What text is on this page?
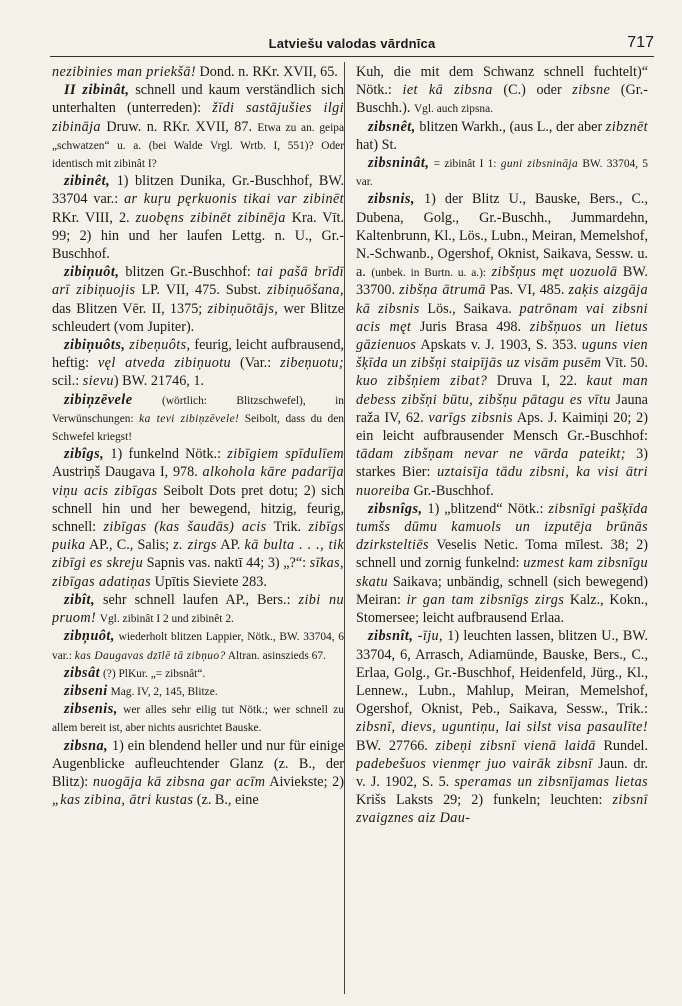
Latviešu valodas vārdnīca	717

nezibinies man priekšā! Dond. n. RKr. XVII, 65.

II zibinât, schnell und kaum verständlich sich unterhalten (unterreden): žīdi sastājušies ilgi zibināja Druw. n. RKr. XVII, 87. Etwa zu an. geipa „schwatzen“ u. a. (bei Walde Vrgl. Wrtb. I, 551)? Oder identisch mit zibinât I?

zibinêt, 1) blitzen Dunika, Gr.-Buschhof, BW. 33704 var.: ar kuŗu pęrkuonis tikai var zibinēt RKr. VIII, 2. zuobęns zibinēt zibinēja Kra. Vīt. 99; 2) hin und her laufen Lettg. n. U., Gr.-Buschhof.

zibiņuôt, blitzen Gr.-Buschhof: tai pašā brīdī arī zibiņuojis LP. VII, 475. Subst. zibiņuōšana, das Blitzen Vēr. II, 1375; zibiņuōtājs, wer Blitze schleudert (vom Jupiter).

zibiņuôts, zibeņuôts, feurig, leicht aufbrausend, heftig: vęl atveda zibiņuotu (Var.: zibeņuotu; scil.: sievu) BW. 21746, 1.

zibiņzēvele (wörtlich: Blitzschwefel), in Verwünschungen: ka tevi zibiņzēvele! Seibolt, dass du den Schwefel kriegst!

zibîgs, 1) funkelnd Nötk.: zibīgiem spīdulīem Austriņš Daugava I, 978. alkohola kāre padarīja viņu acis zibīgas Seibolt Dots pret dotu; 2) sich schnell hin und her bewegend, hitzig, feurig, schnell: zibīgas (kas šaudās) acis Trik. zibīgs puika AP., C., Salis; z. zirgs AP. kā bulta . . ., tik zibīgi es skreju Sapnis vas. naktī 44; 3) „?“: sīkas, zibīgas adatiņas Upītis Sieviete 283.

zibît, sehr schnell laufen AP., Bers.: zibi nu pruom! Vgl. zibinât I 2 und zibinêt 2.

zibņuôt, wiederholt blitzen Lappier, Nötk., BW. 33704, 6 var.: kas Daugavas dzīlē tā zibņuo? Altran. asinszieds 67.

zibsât (?) PlKur. „= zibsnât“.

zibseni Mag. IV, 2, 145, Blitze.

zibsenis, wer alles sehr eilig tut Nötk.; wer schnell zu allem bereit ist, aber nichts ausrichtet Bauske.

zibsna, 1) ein blendend heller und nur für einige Augenblicke aufleuchtender Glanz (z. B., der Blitz): nuogāja kā zibsna gar acīm Aiviekste; 2) „kas zibina, ātri kustas (z. B., eine

Kuh, die mit dem Schwanz schnell fuchtelt)“ Nötk.: iet kā zibsna (C.) oder zibsne (Gr.-Buschh.). Vgl. auch zipsna.

zibsnêt, blitzen Warkh., (aus L., der aber zibznēt hat) St.

zibsninât, = zibinât I 1: guni zibsnināja BW. 33704, 5 var.

zibsnis, 1) der Blitz U., Bauske, Bers., C., Dubena, Golg., Gr.-Buschh., Jummardehn, Kaltenbrunn, Kl., Lös., Lubn., Meiran, Memelshof, N.-Schwanb., Ogershof, Oknist, Saikava, Sessw. u. a. (unbek. in Burtn. u. a.): zibšņus męt uozuolā BW. 33700. zibšņa ātrumā Pas. VI, 485. zaķis aizgāja kā zibsnis Lös., Saikava. patrōnam vai zibsni acis męt Juris Brasa 498. zibšņuos un lietus gāzienuos Apskats v. J. 1903, S. 353. uguns vien šķīda un zibšņi staipījās uz visām pusēm Vīt. 50. kuo zibšņiem zibat? Druva I, 22. kaut man debess zibšņi būtu, zibšņu pātagu es vītu Jauna raža IV, 62. varīgs zibsnis Aps. J. Kaimiņi 20; 2) ein leicht aufbrausender Mensch Gr.-Buschhof: tādam zibšņam nevar ne vārda pateikt; 3) starkes Bier: uztaisīja tādu zibsni, ka visi ātri nuoreiba Gr.-Buschhof.

zibsnîgs, 1) „blitzend“ Nötk.: zibsnīgi pašķīda tumšs dūmu kamuols un izputēja brūnās dzirksteltiēs Veselis Netic. Toma mīlest. 38; 2) schnell und zornig funkelnd: uzmest kam zibsnīgu skatu Saikava; unbändig, schnell (sich bewegend) Meiran: ir gan tam zibsnīgs zirgs Kalz., Kokn., Stomersee; leicht aufbrausend Erlaa.

zibsnît, -īju, 1) leuchten lassen, blitzen U., BW. 33704, 6, Arrasch, Adiamünde, Bauske, Bers., C., Erlaa, Golg., Gr.-Buschhof, Heidenfeld, Jürg., Kl., Lennew., Lubn., Mahlup, Meiran, Memelshof, Ogershof, Oknist, Peb., Saikava, Sessw., Trik.: zibsnī, dievs, uguntiņu, lai silst visa pasaulīte! BW. 27766. zibeņi zibsnī vienā laidā Rundel. padebešuos vienmęr juo vairāk zibsnī Jaun. dr. v. J. 1902, S. 5. speramas un zibsnījamas lietas Krišs Laksts 29; 2) funkeln; leuchten: zibsnī zvaigznes aiz Dau-
